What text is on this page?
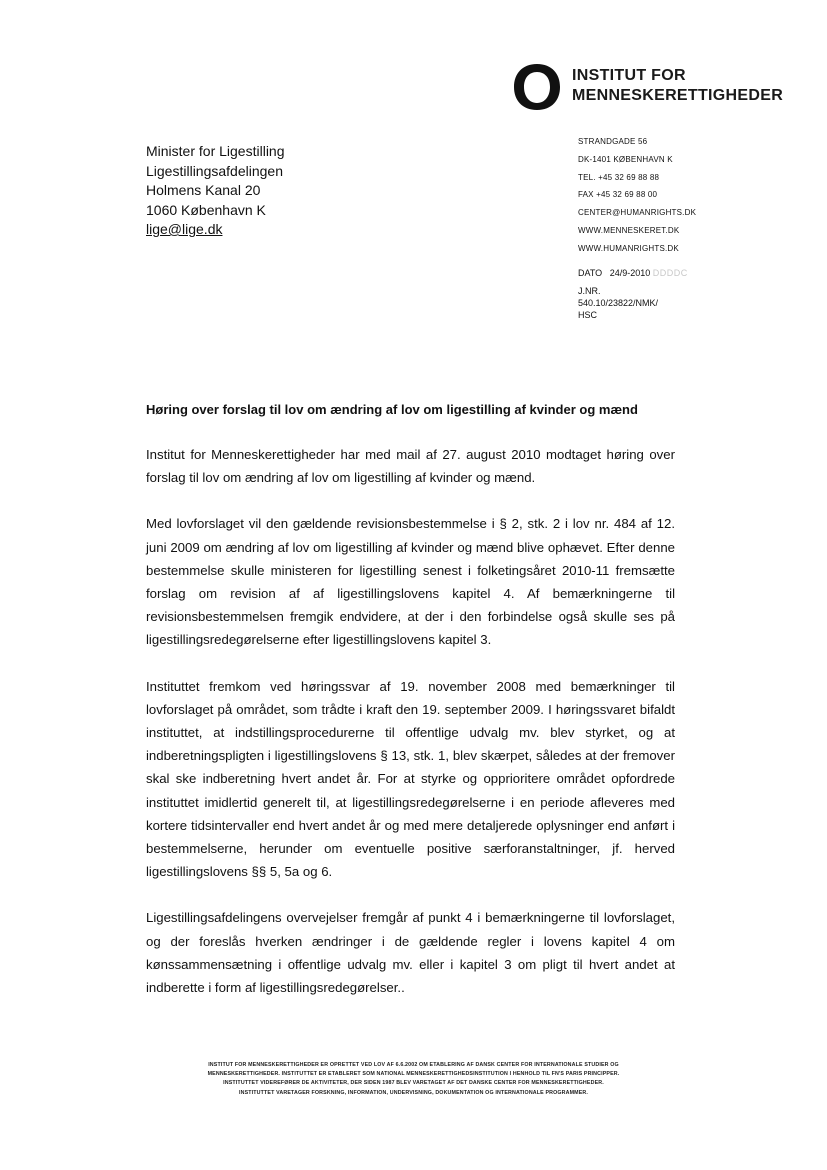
INSTITUT FOR
MENNESKERETTIGHEDER
Minister for Ligestilling
Ligestillingsafdelingen
Holmens Kanal 20
1060 København K
lige@lige.dk
STRANDGADE 56
DK-1401 KØBENHAVN K
TEL. +45 32 69 88 88
FAX +45 32 69 88 00
CENTER@HUMANRIGHTS.DK
WWW.MENNESKERET.DK
WWW.HUMANRIGHTS.DK
DATO 24/9-2010 DDDDC
J.NR.
540.10/23822/NMK/
HSC
Høring over forslag til lov om ændring af lov om ligestilling af kvinder og mænd

Institut for Menneskerettigheder har med mail af 27. august 2010 modtaget høring over forslag til lov om ændring af lov om ligestilling af kvinder og mænd.

Med lovforslaget vil den gældende revisionsbestemmelse i § 2, stk. 2 i lov nr. 484 af 12. juni 2009 om ændring af lov om ligestilling af kvinder og mænd blive ophævet. Efter denne bestemmelse skulle ministeren for ligestilling senest i folketingsåret 2010-11 fremsætte forslag om revision af af ligestillingslovens kapitel 4. Af bemærkningerne til revisionsbestemmelsen fremgik endvidere, at der i den forbindelse også skulle ses på ligestillingsredegørelserne efter ligestillingslovens kapitel 3.

Instituttet fremkom ved høringssvar af 19. november 2008 med bemærkninger til lovforslaget på området, som trådte i kraft den 19. september 2009. I høringssvaret bifaldt instituttet, at indstillingsprocedurerne til offentlige udvalg mv. blev styrket, og at indberetningspligten i ligestillingslovens § 13, stk. 1, blev skærpet, således at der fremover skal ske indberetning hvert andet år. For at styrke og opprioritere området opfordrede instituttet imidlertid generelt til, at ligestillingsredegørelserne i en periode afleveres med kortere tidsintervaller end hvert andet år og med mere detaljerede oplysninger end anført i bestemmelserne, herunder om eventuelle positive særforanstaltninger, jf. herved ligestillingslovens §§ 5, 5a og 6.

Ligestillingsafdelingens overvejelser fremgår af punkt 4 i bemærkningerne til lovforslaget, og der foreslås hverken ændringer i de gældende regler i lovens kapitel 4 om kønssammensætning i offentlige udvalg mv. eller i kapitel 3 om pligt til hvert andet at indberette i form af ligestillingsredegørelser..

INSTITUT FOR MENNESKERETTIGHEDER ER OPRETTET VED LOV AF 6.6.2002 OM ETABLERING AF DANSK CENTER FOR INTERNATIONALE STUDIER OG
MENNESKERETTIGHEDER. INSTITUTTET ER ETABLERET SOM NATIONAL MENNESKERETTIGHEDSINSTITUTION I HENHOLD TIL FN'S PARIS PRINCIPPER.
INSTITUTTET VIDEREFØRER DE AKTIVITETER, DER SIDEN 1987 BLEV VARETAGET AF DET DANSKE CENTER FOR MENNESKERETTIGHEDER.
INSTITUTTET VARETAGER FORSKNING, INFORMATION, UNDERVISNING, DOKUMENTATION OG INTERNATIONALE PROGRAMMER.
